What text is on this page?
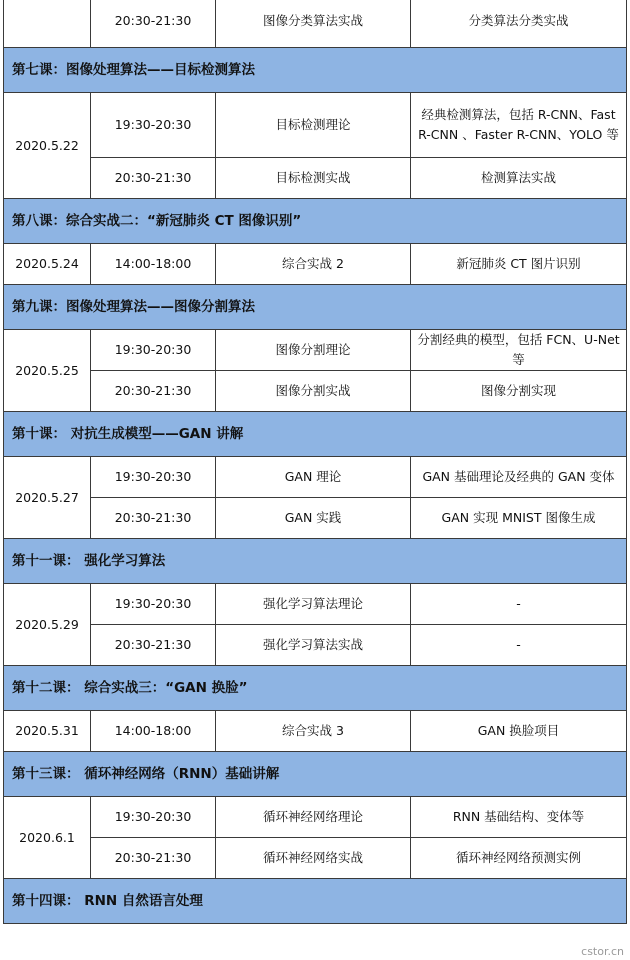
	20:30-21:30	图像分类算法实战	分类算法分类实战
第七课：图像处理算法——目标检测算法			
2020.5.22	19:30-20:30	目标检测理论	经典检测算法，包括 R-CNN、Fast R-CNN 、Faster R-CNN、YOLO 等
	20:30-21:30	目标检测实战	检测算法实战
第八课：综合实战二：“新冠肺炎 CT 图像识别”			
2020.5.24	14:00-18:00	综合实战 2	新冠肺炎 CT 图片识别
第九课：图像处理算法——图像分割算法			
2020.5.25	19:30-20:30	图像分割理论	分割经典的模型，包括 FCN、U-Net 等
	20:30-21:30	图像分割实战	图像分割实现
第十课： 对抗生成模型——GAN 讲解			
2020.5.27	19:30-20:30	GAN 理论	GAN 基础理论及经典的 GAN 变体
	20:30-21:30	GAN 实践	GAN 实现 MNIST 图像生成
第十一课： 强化学习算法			
2020.5.29	19:30-20:30	强化学习算法理论	-
	20:30-21:30	强化学习算法实战	-
第十二课： 综合实战三：“GAN 换脸”			
2020.5.31	14:00-18:00	综合实战 3	GAN 换脸项目
第十三课： 循环神经网络（RNN）基础讲解			
2020.6.1	19:30-20:30	循环神经网络理论	RNN 基础结构、变体等
	20:30-21:30	循环神经网络实战	循环神经网络预测实例
第十四课： RNN 自然语言处理			
cstor.cn
